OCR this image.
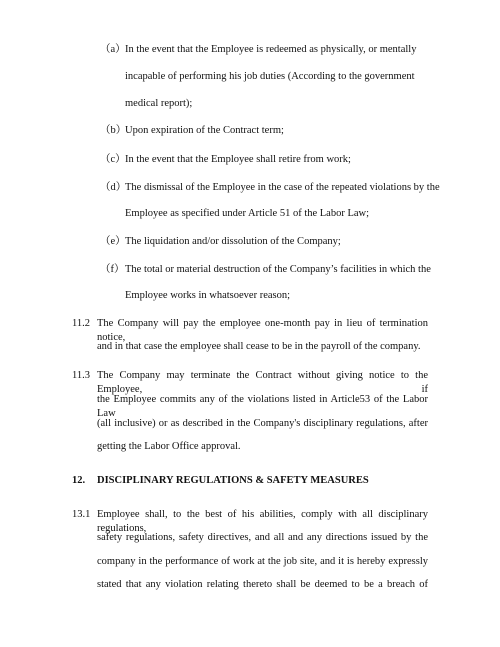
（a） In the event that the Employee is redeemed as physically, or mentally
incapable of performing his job duties (According to the government
medical report);
（b）
Upon expiration of the Contract term;
（c） In the event that the Employee shall retire from work;
（d）
The dismissal of the Employee in the case of the repeated violations by the
Employee as specified under Article 51 of the Labor Law;
（e） The liquidation and/or dissolution of the Company;
（f） The total or material destruction of the Company’s facilities in which the
Employee works in whatsoever reason;
11.2 The Company will pay the employee one-month pay in lieu of termination notice,
and in that case the employee shall cease to be in the payroll of the company.
11.3 The Company may terminate the Contract without giving notice to the Employee, if
the Employee commits any of the violations listed in Article53 of the Labor Law
(all inclusive) or as described in the Company's disciplinary regulations, after
getting the Labor Office approval.
12. DISCIPLINARY REGULATIONS & SAFETY MEASURES
13.1 Employee shall, to the best of his abilities, comply with all disciplinary regulations,
safety regulations, safety directives, and all and any directions issued by the
company in the performance of work at the job site, and it is hereby expressly
stated that any violation relating thereto shall be deemed to be a breach of
